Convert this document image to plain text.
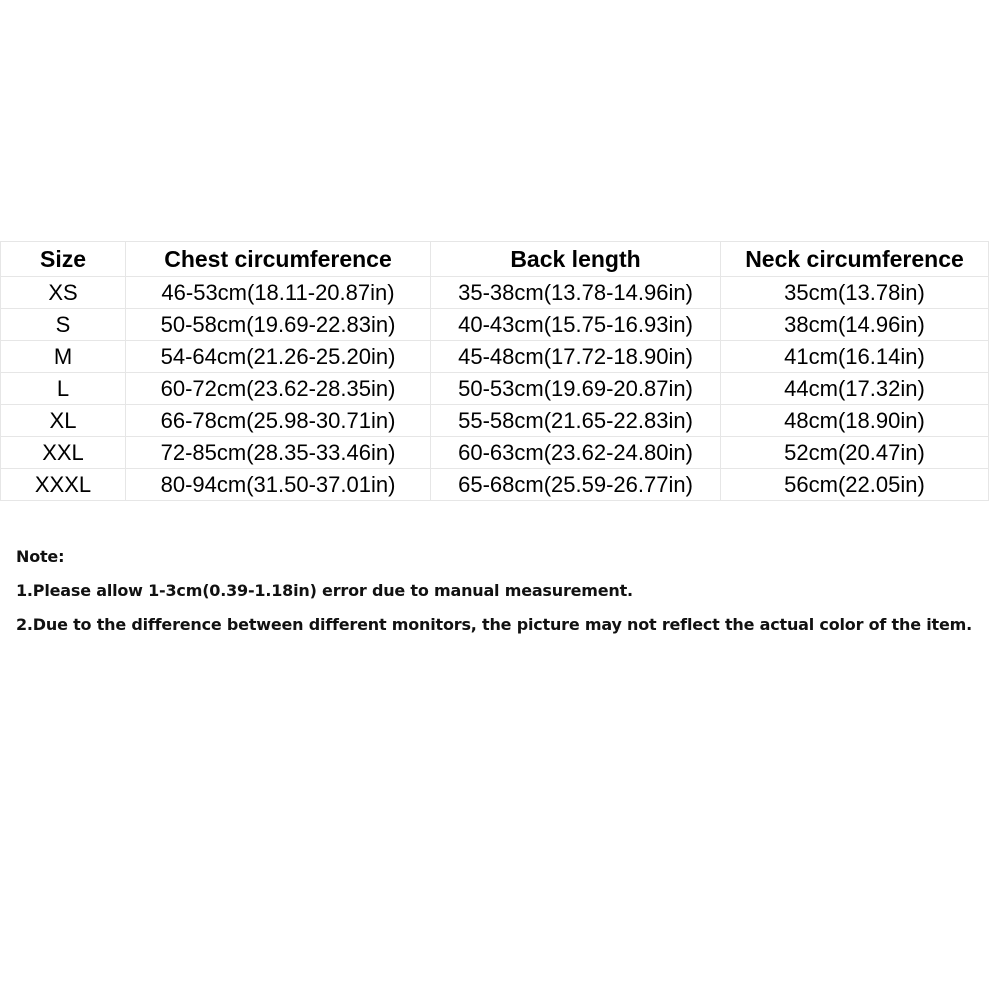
Size	Chest circumference	Back length	Neck circumference
XS	46-53cm(18.11-20.87in)	35-38cm(13.78-14.96in)	35cm(13.78in)
S	50-58cm(19.69-22.83in)	40-43cm(15.75-16.93in)	38cm(14.96in)
M	54-64cm(21.26-25.20in)	45-48cm(17.72-18.90in)	41cm(16.14in)
L	60-72cm(23.62-28.35in)	50-53cm(19.69-20.87in)	44cm(17.32in)
XL	66-78cm(25.98-30.71in)	55-58cm(21.65-22.83in)	48cm(18.90in)
XXL	72-85cm(28.35-33.46in)	60-63cm(23.62-24.80in)	52cm(20.47in)
XXXL	80-94cm(31.50-37.01in)	65-68cm(25.59-26.77in)	56cm(22.05in)
Note:
1.Please allow 1-3cm(0.39-1.18in) error due to manual measurement.
2.Due to the difference between different monitors, the picture may not reflect the actual color of the item.
